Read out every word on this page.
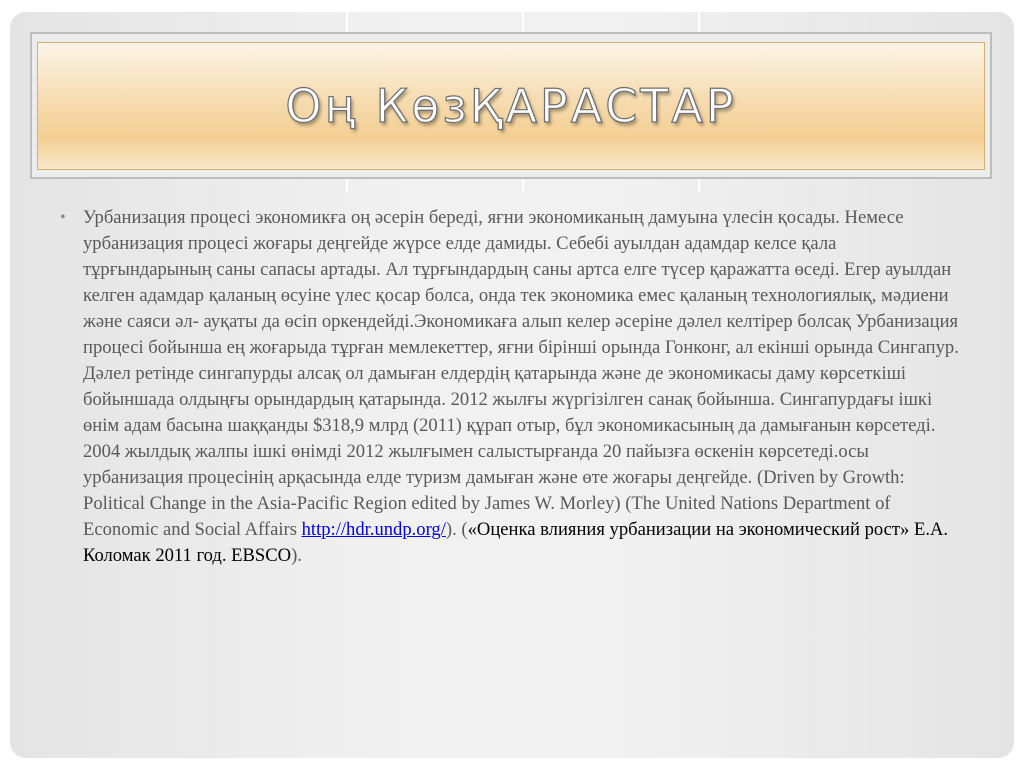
Оң КөзҚАРАСТАР
• Урбанизация процесі экономикға оң әсерін береді, яғни экономиканың дамуына үлесін қосады. Немесе урбанизация процесі жоғары деңгейде жүрсе елде дамиды. Себебі ауылдан адамдар келсе қала тұрғындарының саны сапасы артады. Ал тұрғындардың саны артса елге түсер қаражатта өседі. Егер ауылдан келген адамдар қаланың өсуіне үлес қосар болса, онда тек экономика емес қаланың технологиялық, мәдиени және саяси әл- ауқаты да өсіп оркендейді.Экономикаға алып келер әсеріне дәлел келтірер болсақ Урбанизация процесі бойынша ең жоғарыда тұрған мемлекеттер, яғни бірінші орында Гонконг, ал екінші орында Сингапур. Дәлел ретінде сингапурды алсақ ол дамыған елдердің қатарында және де экономикасы даму көрсеткіші бойыншада олдыңғы орындардың қатарында. 2012 жылғы жүргізілген санақ бойынша. Сингапурдағы ішкі өнім адам басына шаққанды $318,9 млрд (2011) құрап отыр, бұл экономикасының да дамығанын көрсетеді. 2004 жылдық жалпы ішкі өнімді 2012 жылғымен салыстырғанда 20 пайызға өскенін көрсетеді.осы урбанизация процесінің арқасында елде туризм дамыған және өте жоғары деңгейде. (Driven by Growth: Political Change in the Asia-Pacific Region edited by James W. Morley) (The United Nations Department of Economic and Social Affairs http://hdr.undp.org/). («Оценка влияния урбанизации на экономический рост» Е.А. Коломак 2011 год. EBSCO).
